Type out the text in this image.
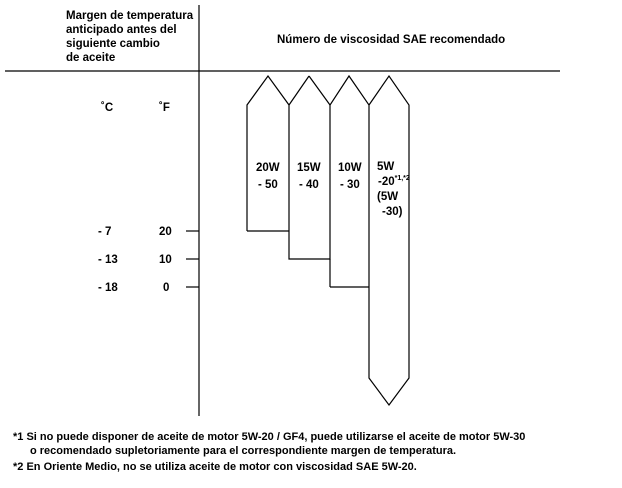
Margen de temperatura
anticipado antes del
siguiente cambio
de aceite
Número de viscosidad SAE recomendado
˚C	˚F
- 7	20
- 13	10
- 18	0
20W
- 50
15W
- 40
10W
- 30
5W
$-20^{*1,*2}$
(5W
-30)
*1 Si no puede disponer de aceite de motor 5W-20 / GF4, puede utilizarse el aceite de motor 5W-30
o recomendado supletoriamente para el correspondiente margen de temperatura.
*2 En Oriente Medio, no se utiliza aceite de motor con viscosidad SAE 5W-20.
